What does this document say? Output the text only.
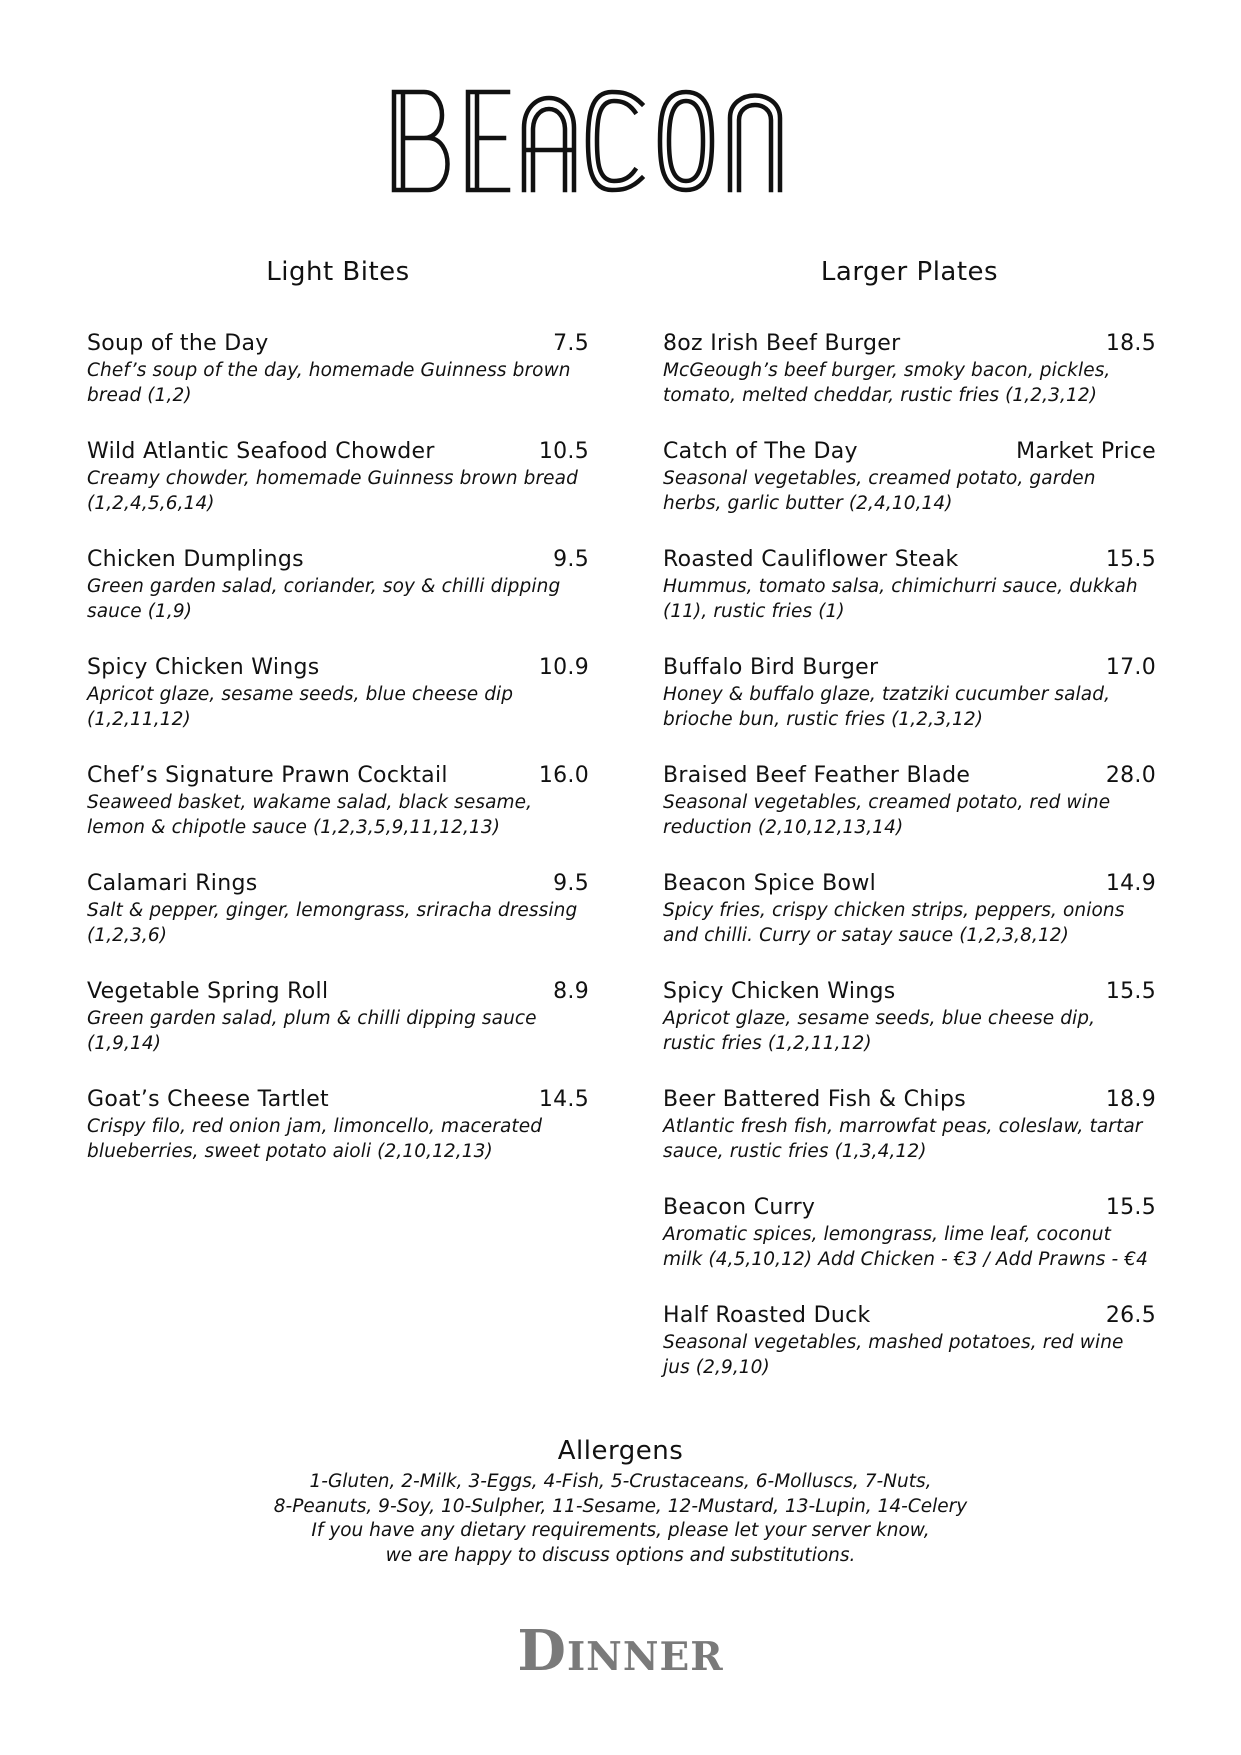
Light Bites
Soup of the Day	7.5
Chef’s soup of the day, homemade Guinness brown
bread (1,2)
Wild Atlantic Seafood Chowder	10.5
Creamy chowder, homemade Guinness brown bread
(1,2,4,5,6,14)
Chicken Dumplings	9.5
Green garden salad, coriander, soy & chilli dipping
sauce (1,9)
Spicy Chicken Wings	10.9
Apricot glaze, sesame seeds, blue cheese dip
(1,2,11,12)
Chef’s Signature Prawn Cocktail	16.0
Seaweed basket, wakame salad, black sesame,
lemon & chipotle sauce (1,2,3,5,9,11,12,13)
Calamari Rings	9.5
Salt & pepper, ginger, lemongrass, sriracha dressing
(1,2,3,6)
Vegetable Spring Roll	8.9
Green garden salad, plum & chilli dipping sauce
(1,9,14)
Goat’s Cheese Tartlet	14.5
Crispy filo, red onion jam, limoncello, macerated
blueberries, sweet potato aioli (2,10,12,13)
Larger Plates
8oz Irish Beef Burger	18.5
McGeough’s beef burger, smoky bacon, pickles,
tomato, melted cheddar, rustic fries (1,2,3,12)
Catch of The Day	Market Price
Seasonal vegetables, creamed potato, garden
herbs, garlic butter (2,4,10,14)
Roasted Cauliflower Steak	15.5
Hummus, tomato salsa, chimichurri sauce, dukkah
(11), rustic fries (1)
Buffalo Bird Burger	17.0
Honey & buffalo glaze, tzatziki cucumber salad,
brioche bun, rustic fries (1,2,3,12)
Braised Beef Feather Blade	28.0
Seasonal vegetables, creamed potato, red wine
reduction (2,10,12,13,14)
Beacon Spice Bowl	14.9
Spicy fries, crispy chicken strips, peppers, onions
and chilli. Curry or satay sauce (1,2,3,8,12)
Spicy Chicken Wings	15.5
Apricot glaze, sesame seeds, blue cheese dip,
rustic fries (1,2,11,12)
Beer Battered Fish & Chips	18.9
Atlantic fresh fish, marrowfat peas, coleslaw, tartar
sauce, rustic fries (1,3,4,12)
Beacon Curry	15.5
Aromatic spices, lemongrass, lime leaf, coconut
milk (4,5,10,12) Add Chicken - €3 / Add Prawns - €4
Half Roasted Duck	26.5
Seasonal vegetables, mashed potatoes, red wine
jus (2,9,10)
Allergens
1-Gluten, 2-Milk, 3-Eggs, 4-Fish, 5-Crustaceans, 6-Molluscs, 7-Nuts,
8-Peanuts, 9-Soy, 10-Sulpher, 11-Sesame, 12-Mustard, 13-Lupin, 14-Celery
If you have any dietary requirements, please let your server know,
we are happy to discuss options and substitutions.
Dinner
